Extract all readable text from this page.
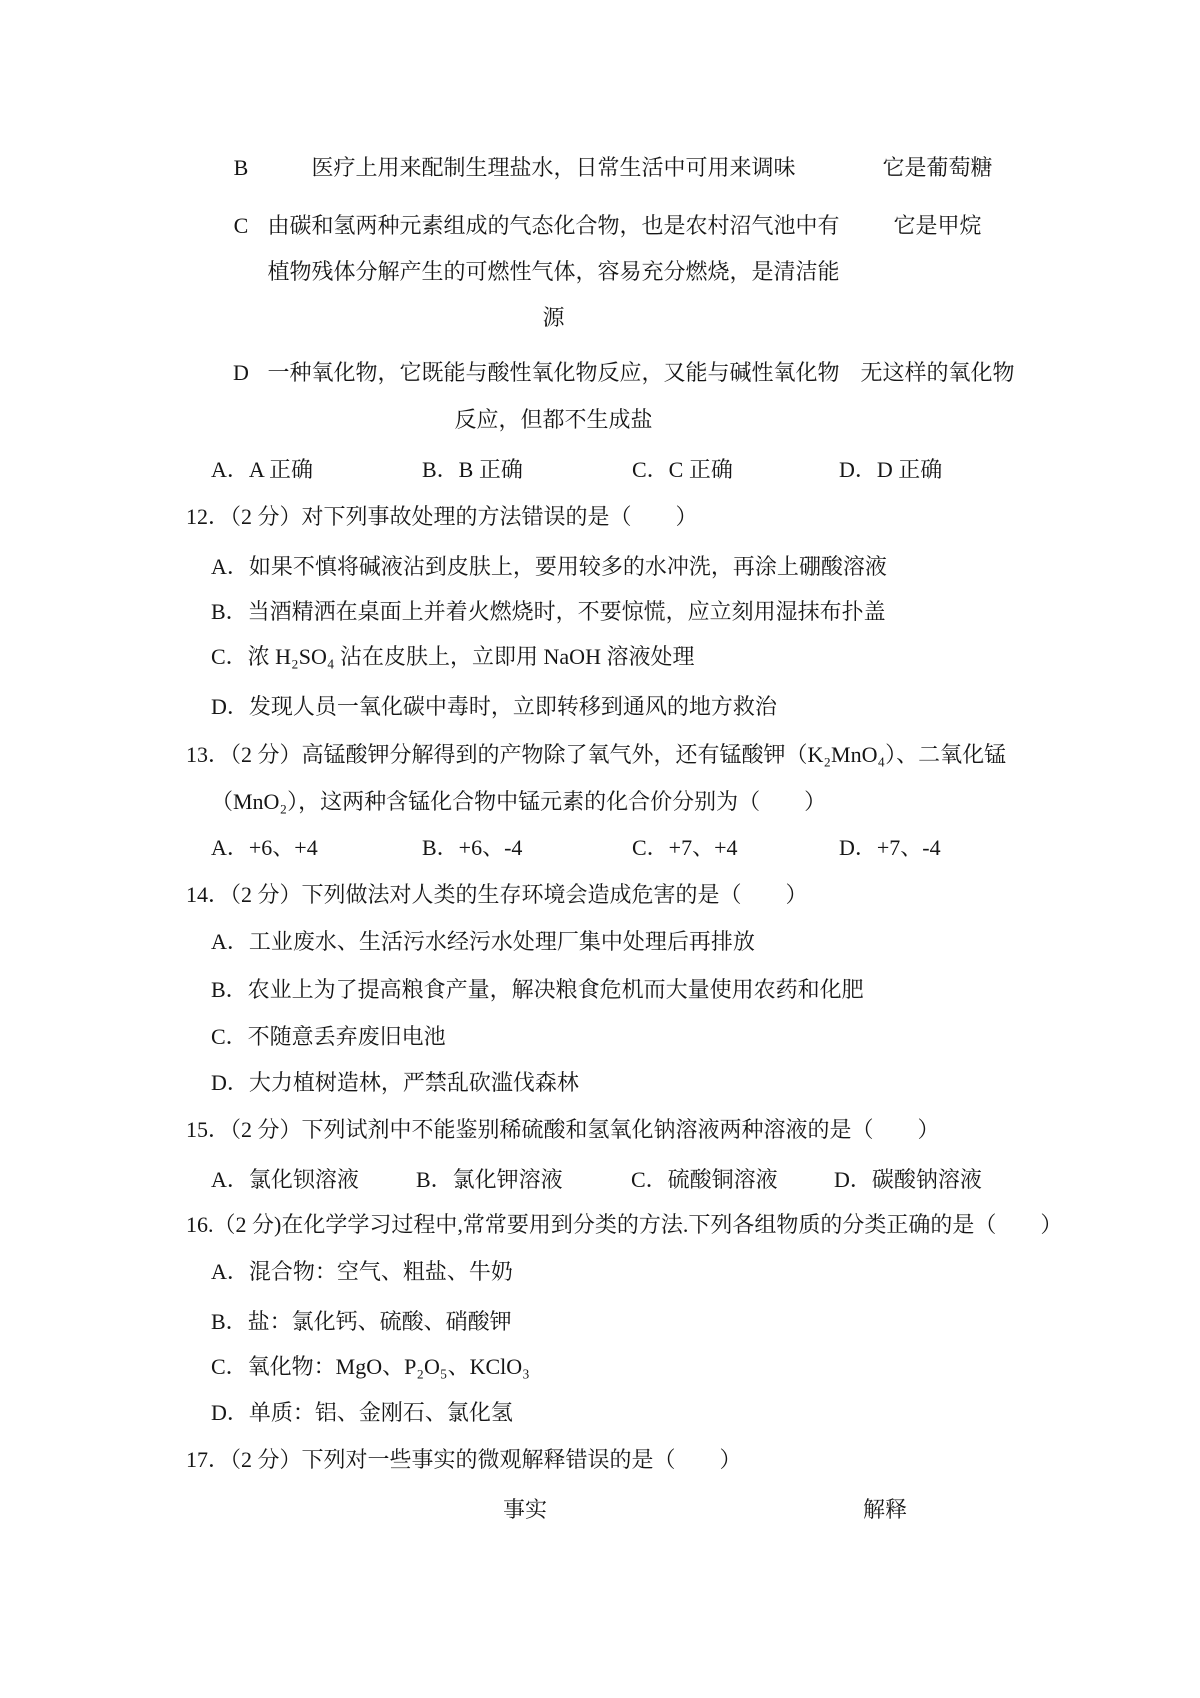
B	医疗上用来配制生理盐水，日常生活中可用来调味	它是葡萄糖
C 由碳和氢两种元素组成的气态化合物，也是农村沼气池中有	它是甲烷
植物残体分解产生的可燃性气体，容易充分燃烧，是清洁能
源
D 一种氧化物，它既能与酸性氧化物反应，又能与碱性氧化物 无这样的氧化物
反应，但都不生成盐
A．A 正确	B．B 正确	C．C 正确	D．D 正确
12．（2 分）对下列事故处理的方法错误的是（　　）
A．如果不慎将碱液沾到皮肤上，要用较多的水冲洗，再涂上硼酸溶液
B．当酒精洒在桌面上并着火燃烧时，不要惊慌，应立刻用湿抹布扑盖
C．浓 H₂SO₄ 沾在皮肤上，立即用 NaOH 溶液处理
D．发现人员一氧化碳中毒时，立即转移到通风的地方救治
13．（2 分）高锰酸钾分解得到的产物除了氧气外，还有锰酸钾（K₂MnO₄）、二氧化锰
（MnO₂），这两种含锰化合物中锰元素的化合价分别为（　　）
A．+6、+4	B．+6、-4	C．+7、+4	D．+7、-4
14．（2 分）下列做法对人类的生存环境会造成危害的是（　　）
A．工业废水、生活污水经污水处理厂集中处理后再排放
B．农业上为了提高粮食产量，解决粮食危机而大量使用农药和化肥
C．不随意丢弃废旧电池
D．大力植树造林，严禁乱砍滥伐森林
15．（2 分）下列试剂中不能鉴别稀硫酸和氢氧化钠溶液两种溶液的是（　　）
A．氯化钡溶液	B．氯化钾溶液	C．硫酸铜溶液	D．碳酸钠溶液
16.（2 分)在化学学习过程中,常常要用到分类的方法.下列各组物质的分类正确的是（　　）
A．混合物：空气、粗盐、牛奶
B．盐：氯化钙、硫酸、硝酸钾
C．氧化物：MgO、P₂O₅、KClO₃
D．单质：铝、金刚石、氯化氢
17．（2 分）下列对一些事实的微观解释错误的是（　　）
事实	解释
